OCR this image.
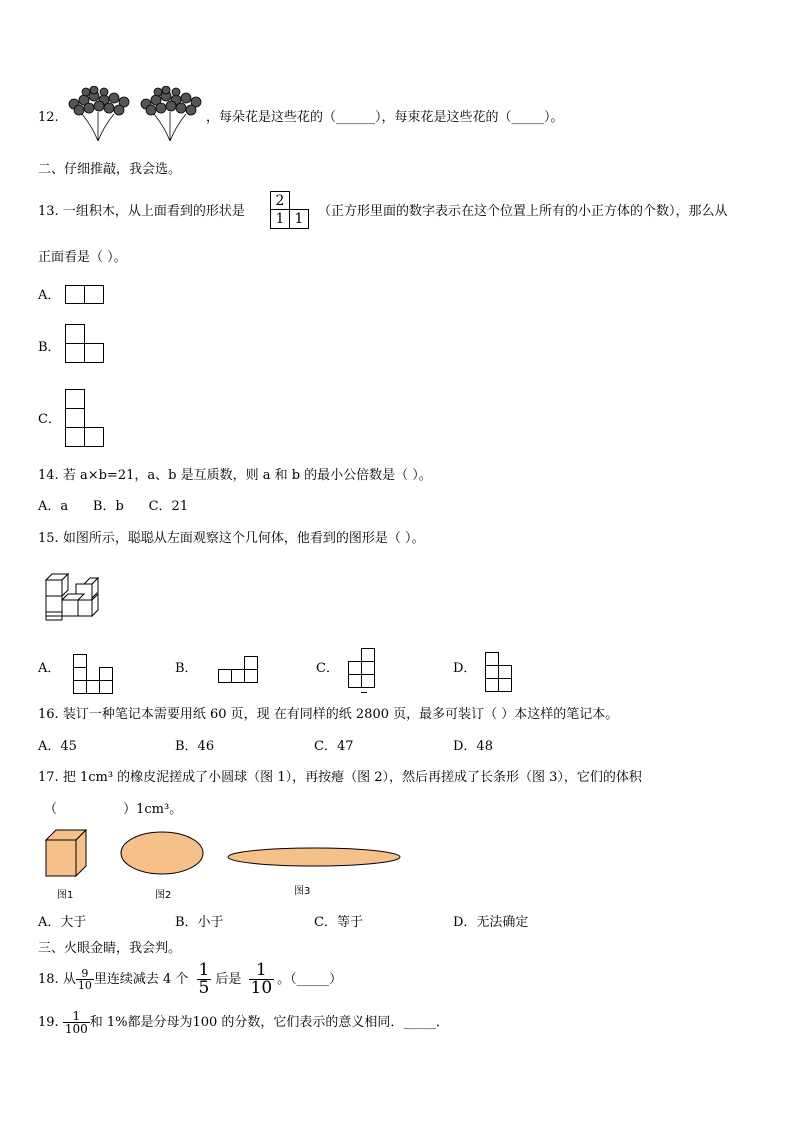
12.	，每朵花是这些花的（______），每束花是这些花的（_____）。
二、仔细推敲，我会选。
13. 一组积木，从上面看到的形状是
2
1 1	（正方形里面的数字表示在这个位置上所有的小正方体的个数），那么从
正面看是（ ）。
A．
B．
C．
14. 若 a×b=21，a、b 是互质数，则 a 和 b 的最小公倍数是（ ）。
A．a      B．b      C．21
15. 如图所示，聪聪从左面观察这个几何体，他看到的图形是（ ）。
A．	B．	C．	D．
16. 装订一种笔记本需要用纸 60 页，现 在有同样的纸 2800 页，最多可装订（ ）本这样的笔记本。
A．45	B．46	C．47	D．48
17. 把 1cm³ 的橡皮泥搓成了小圆球（图 1），再按瘪（图 2），然后再搓成了长条形（图 3），它们的体积
（                ）1cm³。
图1	图2	图3
A．大于	B．小于	C．等于	D．无法确定
三、火眼金睛，我会判。
18. 从 $\frac{9}{10}$ 里连续减去 4 个 $\frac{1}{5}$ 后是 $\frac{1}{10}$ 。（_____）
19. $\frac{1}{100}$ 和 1%都是分母为100 的分数，它们表示的意义相同．_____．
